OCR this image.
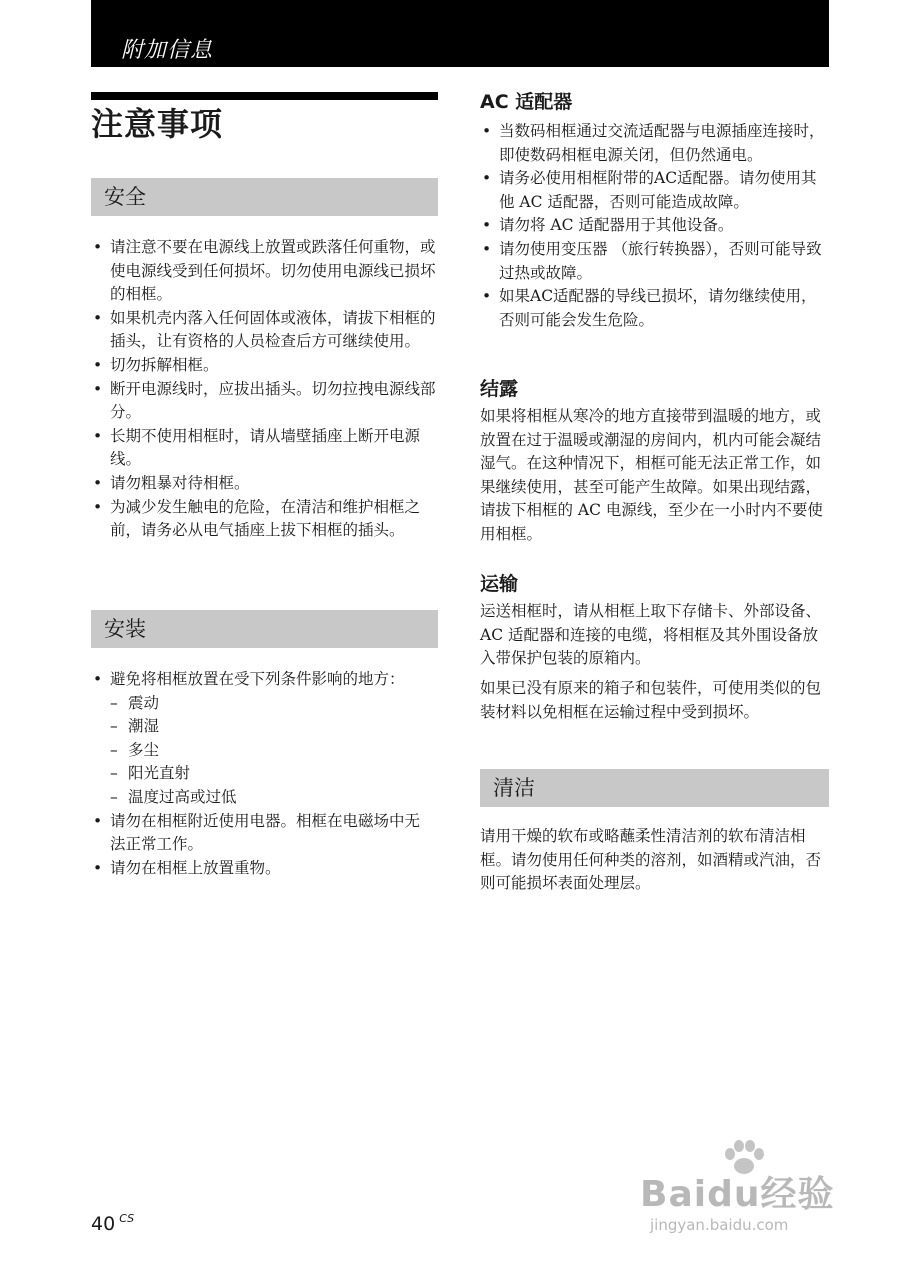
附加信息
注意事项
安全
• 请注意不要在电源线上放置或跌落任何重物，或使电源线受到任何损坏。切勿使用电源线已损坏的相框。
• 如果机壳内落入任何固体或液体，请拔下相框的插头，让有资格的人员检查后方可继续使用。
• 切勿拆解相框。
• 断开电源线时，应拔出插头。切勿拉拽电源线部分。
• 长期不使用相框时，请从墙壁插座上断开电源线。
• 请勿粗暴对待相框。
• 为减少发生触电的危险，在清洁和维护相框之前，请务必从电气插座上拔下相框的插头。
安装
• 避免将相框放置在受下列条件影响的地方：
– 震动
– 潮湿
– 多尘
– 阳光直射
– 温度过高或过低
• 请勿在相框附近使用电器。相框在电磁场中无法正常工作。
• 请勿在相框上放置重物。
AC 适配器
• 当数码相框通过交流适配器与电源插座连接时，即使数码相框电源关闭，但仍然通电。
• 请务必使用相框附带的AC适配器。请勿使用其他 AC 适配器，否则可能造成故障。
• 请勿将 AC 适配器用于其他设备。
• 请勿使用变压器 （旅行转换器），否则可能导致过热或故障。
• 如果AC适配器的导线已损坏，请勿继续使用，否则可能会发生危险。
结露

如果将相框从寒冷的地方直接带到温暖的地方，或放置在过于温暖或潮湿的房间内，机内可能会凝结湿气。在这种情况下，相框可能无法正常工作，如果继续使用，甚至可能产生故障。如果出现结露，请拔下相框的 AC 电源线，至少在一小时内不要使用相框。

运输

运送相框时，请从相框上取下存储卡、外部设备、AC 适配器和连接的电缆，将相框及其外围设备放入带保护包装的原箱内。

如果已没有原来的箱子和包装件，可使用类似的包装材料以免相框在运输过程中受到损坏。

清洁

请用干燥的软布或略蘸柔性清洁剂的软布清洁相框。请勿使用任何种类的溶剂，如酒精或汽油，否则可能损坏表面处理层。

40 $^{CS}$
Baidu经验
jingyan.baidu.com
